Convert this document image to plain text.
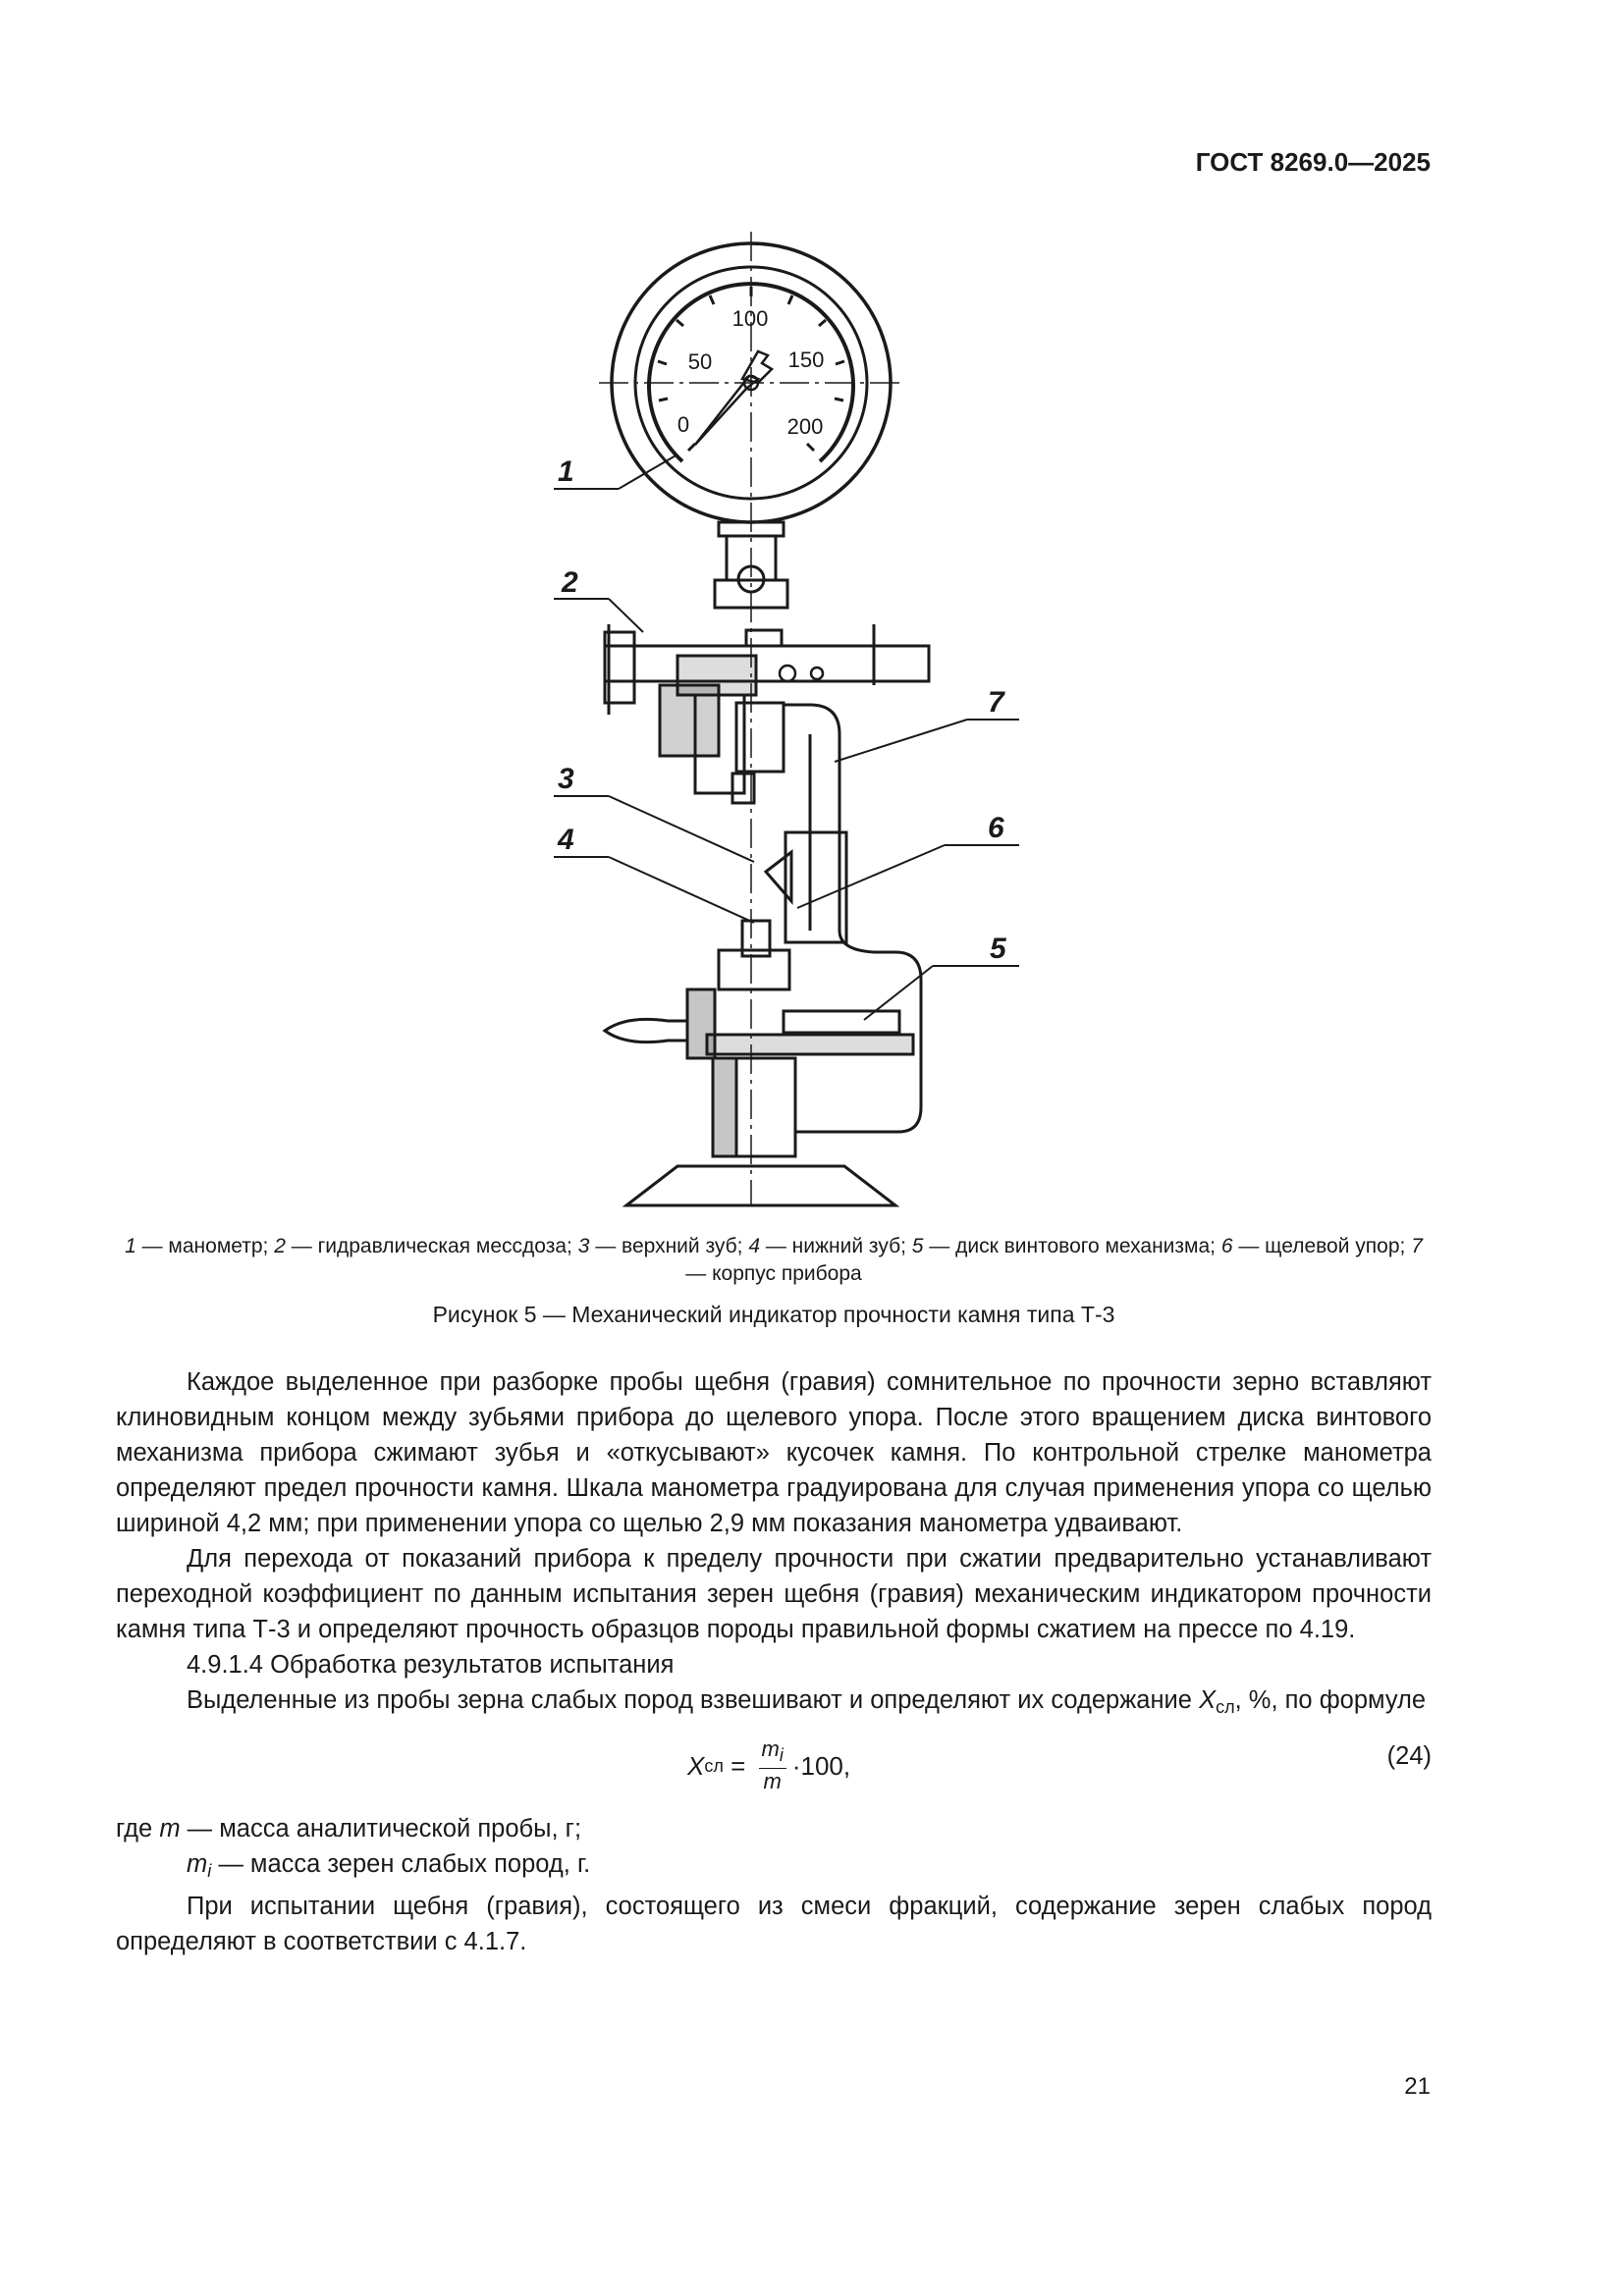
ГОСТ 8269.0—2025
0
50
100
150
200
1
2
3
4
5
6
7
1 — манометр; 2 — гидравлическая мессдоза; 3 — верхний зуб; 4 — нижний зуб; 5 — диск винтового механизма; 6 — щелевой упор; 7 — корпус прибора
Рисунок 5 — Механический индикатор прочности камня типа Т-3

Каждое выделенное при разборке пробы щебня (гравия) сомнительное по прочности зерно вставляют клиновидным концом между зубьями прибора до щелевого упора. После этого вращением диска винтового механизма прибора сжимают зубья и «откусывают» кусочек камня. По контрольной стрелке манометра определяют предел прочности камня. Шкала манометра градуирована для случая применения упора со щелью шириной 4,2 мм; при применении упора со щелью 2,9 мм показания манометра удваивают.

Для перехода от показаний прибора к пределу прочности при сжатии предварительно устанавливают переходной коэффициент по данным испытания зерен щебня (гравия) механическим индикатором прочности камня типа Т-3 и определяют прочность образцов породы правильной формы сжатием на прессе по 4.19.

4.9.1.4 Обработка результатов испытания

Выделенные из пробы зерна слабых пород взвешивают и определяют их содержание $X_{сл}$, %, по формуле

X сл = $\frac{m_i}{m} \cdot 100$,	(24)

где m — масса аналитической пробы, г;

$m_i$ — масса зерен слабых пород, г.

При испытании щебня (гравия), состоящего из смеси фракций, содержание зерен слабых пород определяют в соответствии с 4.1.7.

21
